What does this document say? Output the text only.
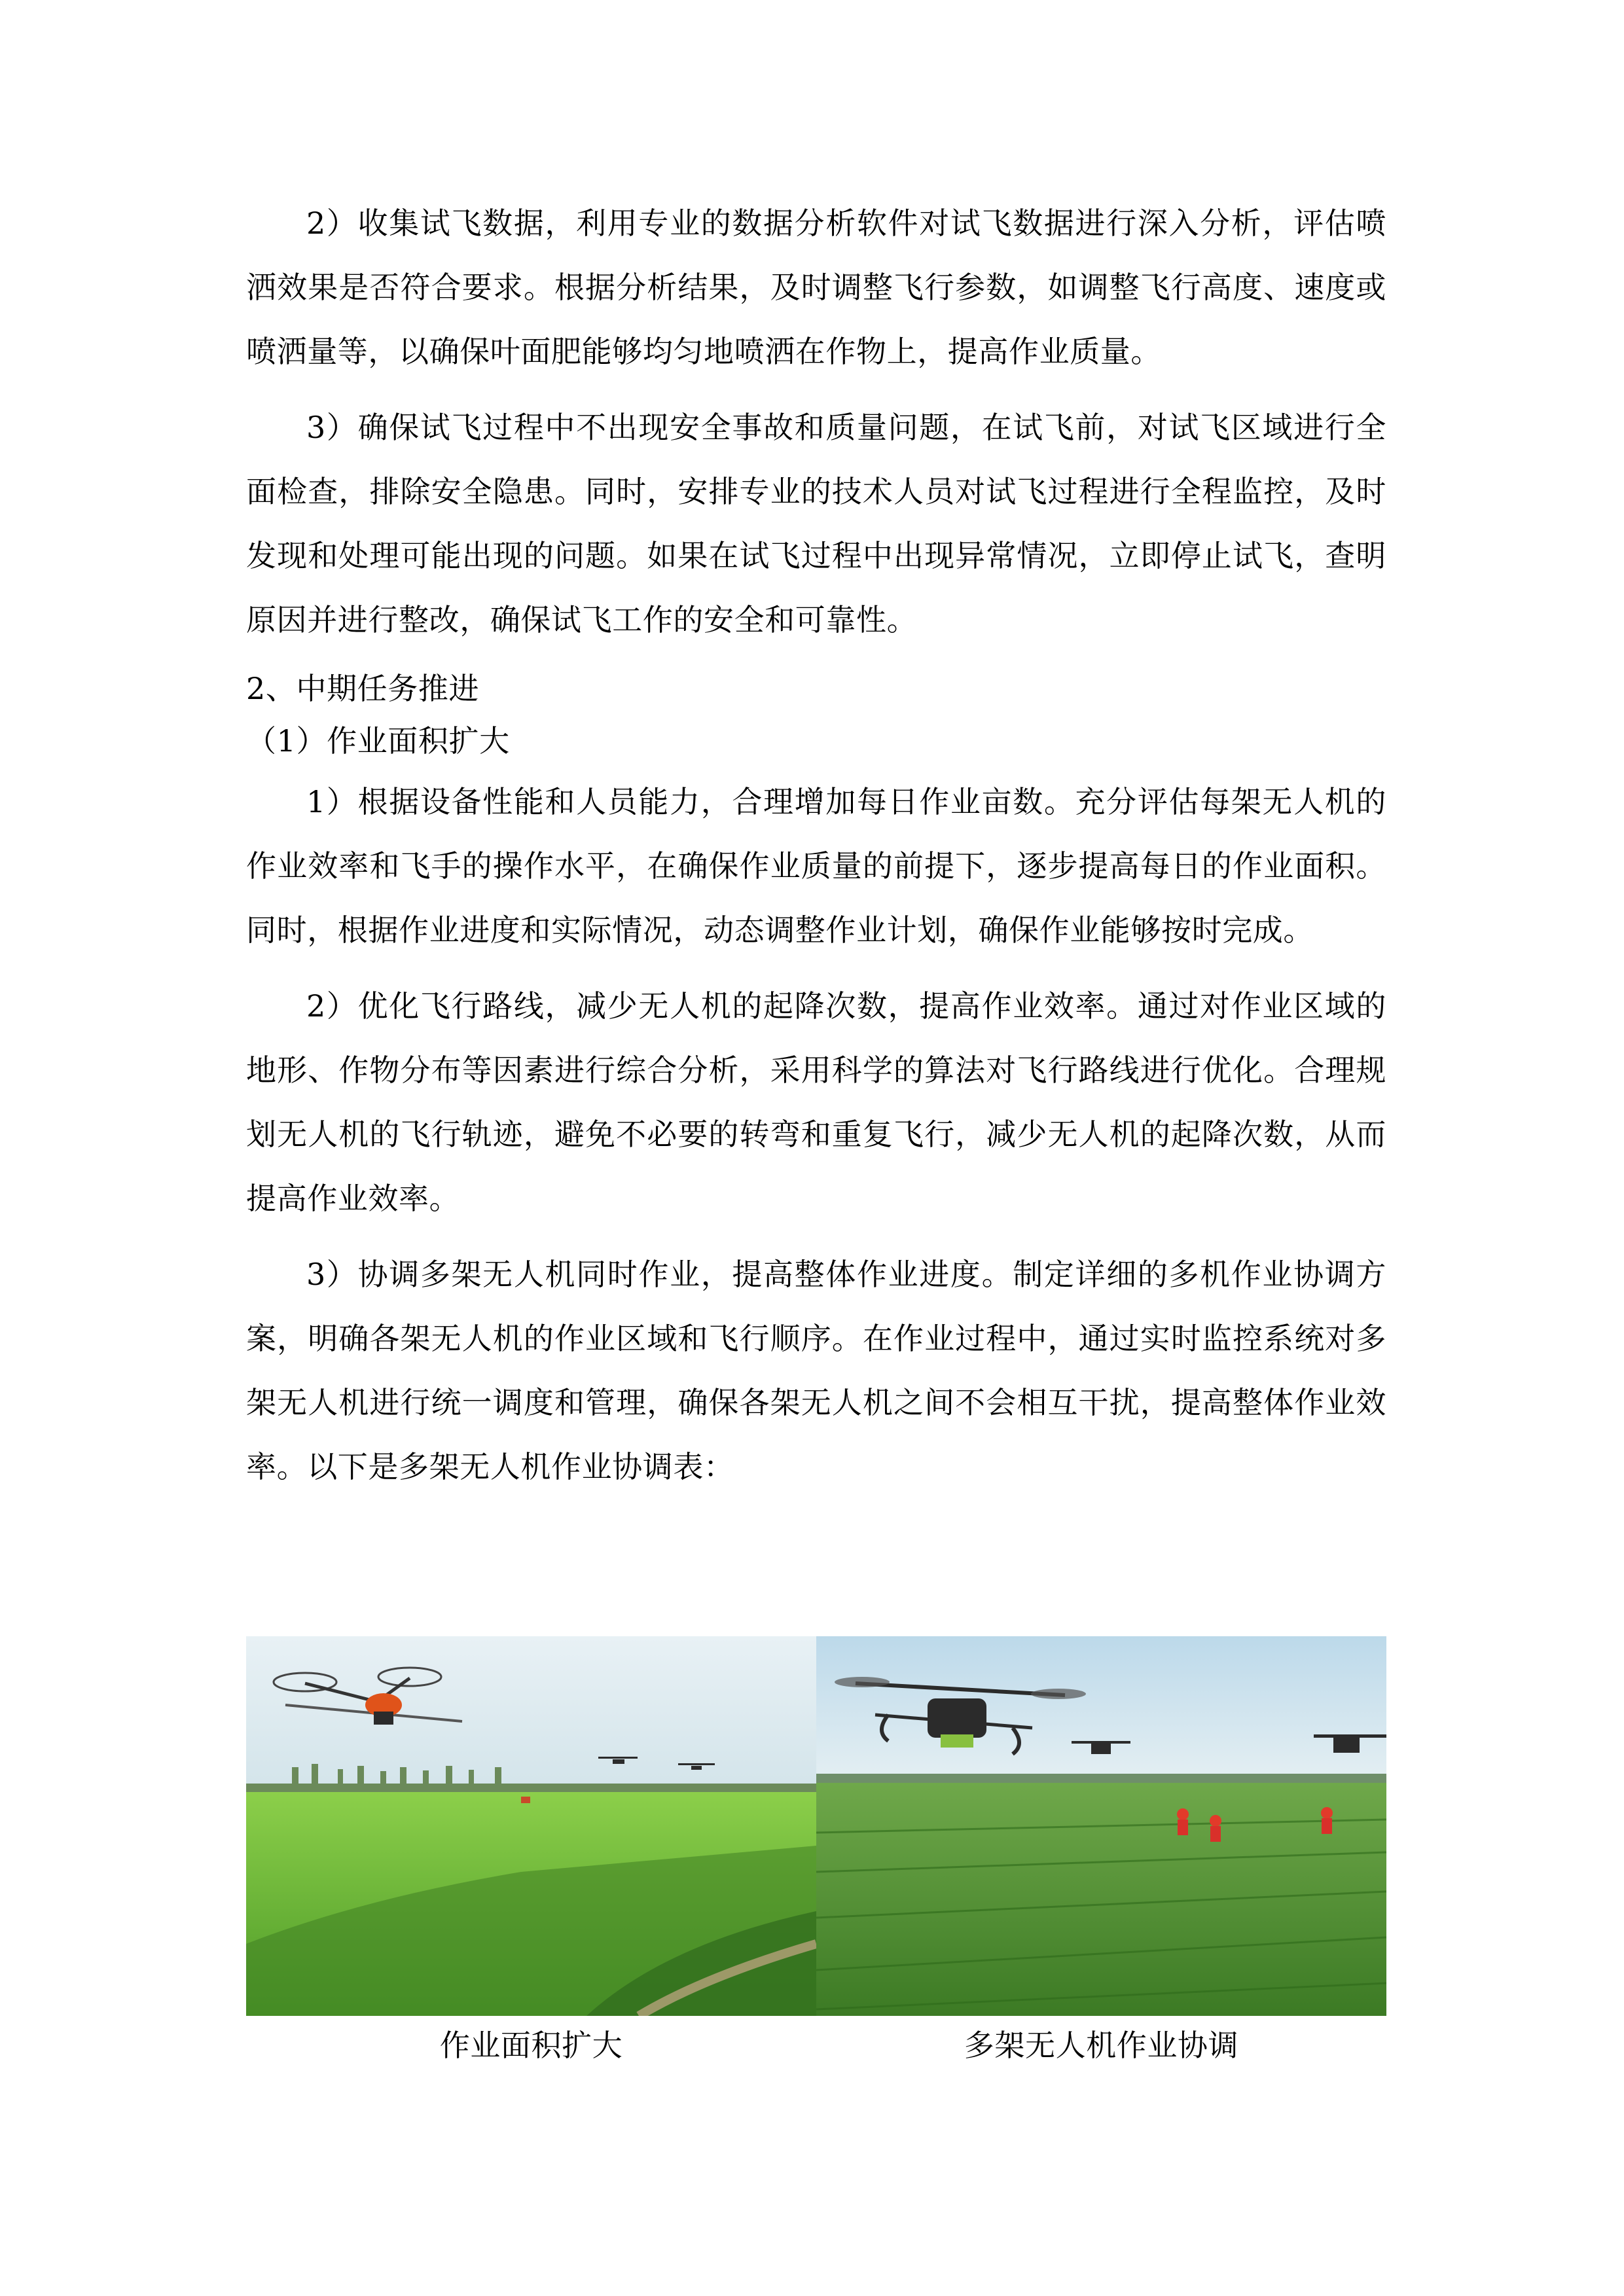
2）收集试飞数据，利用专业的数据分析软件对试飞数据进行深入分析，评估喷洒效果是否符合要求。根据分析结果，及时调整飞行参数，如调整飞行高度、速度或喷洒量等，以确保叶面肥能够均匀地喷洒在作物上，提高作业质量。

3）确保试飞过程中不出现安全事故和质量问题，在试飞前，对试飞区域进行全面检查，排除安全隐患。同时，安排专业的技术人员对试飞过程进行全程监控，及时发现和处理可能出现的问题。如果在试飞过程中出现异常情况，立即停止试飞，查明原因并进行整改，确保试飞工作的安全和可靠性。

2、中期任务推进

（1）作业面积扩大

1）根据设备性能和人员能力，合理增加每日作业亩数。充分评估每架无人机的作业效率和飞手的操作水平，在确保作业质量的前提下，逐步提高每日的作业面积。同时，根据作业进度和实际情况，动态调整作业计划，确保作业能够按时完成。

2）优化飞行路线，减少无人机的起降次数，提高作业效率。通过对作业区域的地形、作物分布等因素进行综合分析，采用科学的算法对飞行路线进行优化。合理规划无人机的飞行轨迹，避免不必要的转弯和重复飞行，减少无人机的起降次数，从而提高作业效率。

3）协调多架无人机同时作业，提高整体作业进度。制定详细的多机作业协调方案，明确各架无人机的作业区域和飞行顺序。在作业过程中，通过实时监控系统对多架无人机进行统一调度和管理，确保各架无人机之间不会相互干扰，提高整体作业效率。以下是多架无人机作业协调表：

作业面积扩大	多架无人机作业协调
